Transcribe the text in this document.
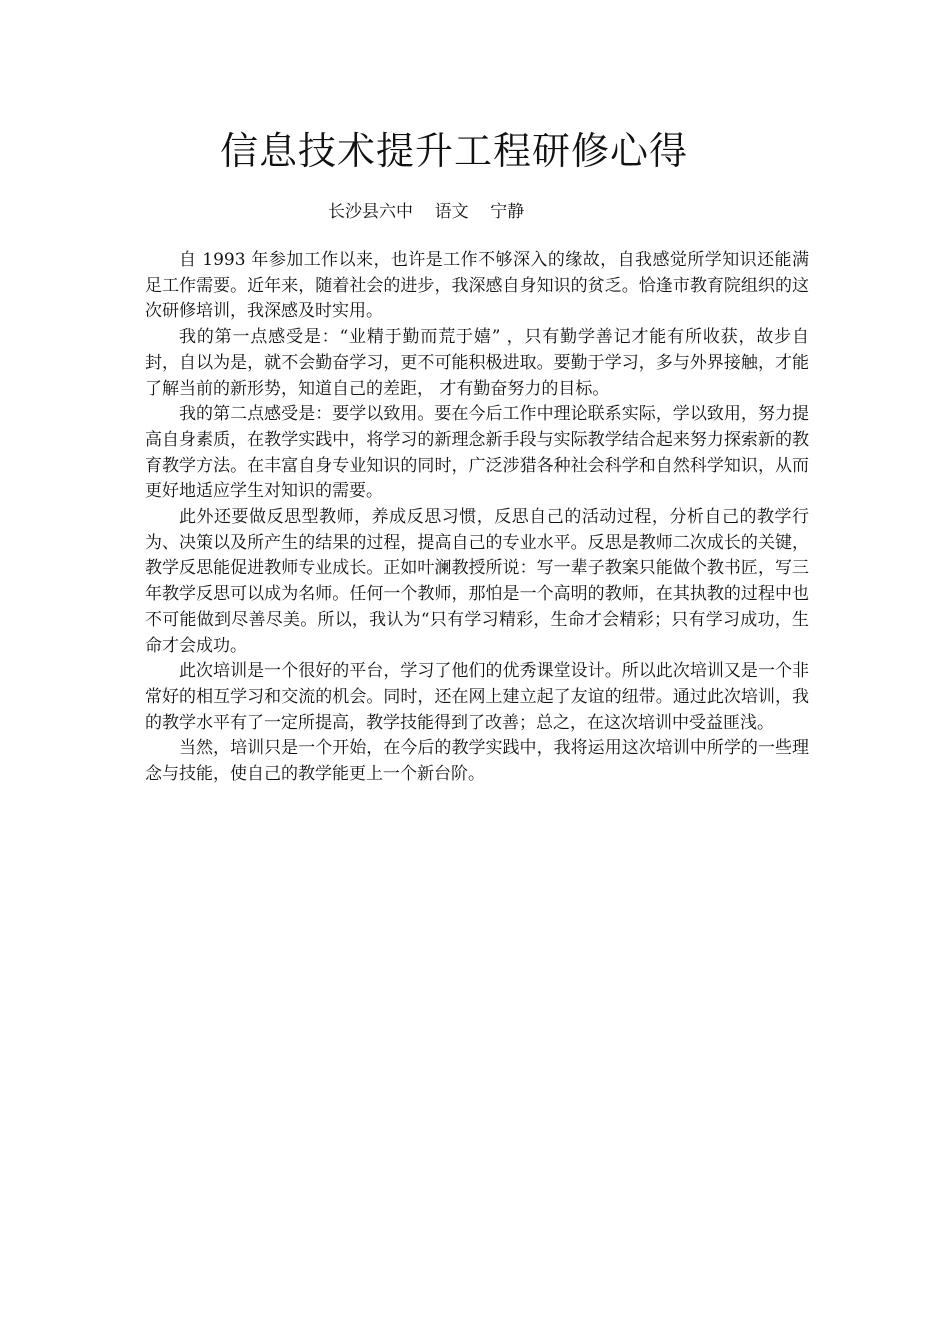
信息技术提升工程研修心得
长沙县六中    语文    宁静

自 1993 年参加工作以来，也许是工作不够深入的缘故，自我感觉所学知识还能满足工作需要。近年来，随着社会的进步，我深感自身知识的贫乏。恰逢市教育院组织的这次研修培训，我深感及时实用。

我的第一点感受是：“业精于勤而荒于嬉” ，只有勤学善记才能有所收获，故步自封，自以为是，就不会勤奋学习，更不可能积极进取。要勤于学习，多与外界接触，才能了解当前的新形势，知道自己的差距， 才有勤奋努力的目标。

我的第二点感受是：要学以致用。要在今后工作中理论联系实际，学以致用，努力提高自身素质，在教学实践中，将学习的新理念新手段与实际教学结合起来努力探索新的教育教学方法。在丰富自身专业知识的同时，广泛涉猎各种社会科学和自然科学知识，从而更好地适应学生对知识的需要。

此外还要做反思型教师，养成反思习惯，反思自己的活动过程，分析自己的教学行为、决策以及所产生的结果的过程，提高自己的专业水平。反思是教师二次成长的关键，教学反思能促进教师专业成长。正如叶澜教授所说：写一辈子教案只能做个教书匠，写三年教学反思可以成为名师。任何一个教师，那怕是一个高明的教师，在其执教的过程中也不可能做到尽善尽美。所以，我认为“只有学习精彩，生命才会精彩；只有学习成功，生命才会成功。

此次培训是一个很好的平台，学习了他们的优秀课堂设计。所以此次培训又是一个非常好的相互学习和交流的机会。同时，还在网上建立起了友谊的纽带。通过此次培训，我的教学水平有了一定所提高，教学技能得到了改善；总之，在这次培训中受益匪浅。

当然，培训只是一个开始，在今后的教学实践中，我将运用这次培训中所学的一些理念与技能，使自己的教学能更上一个新台阶。
